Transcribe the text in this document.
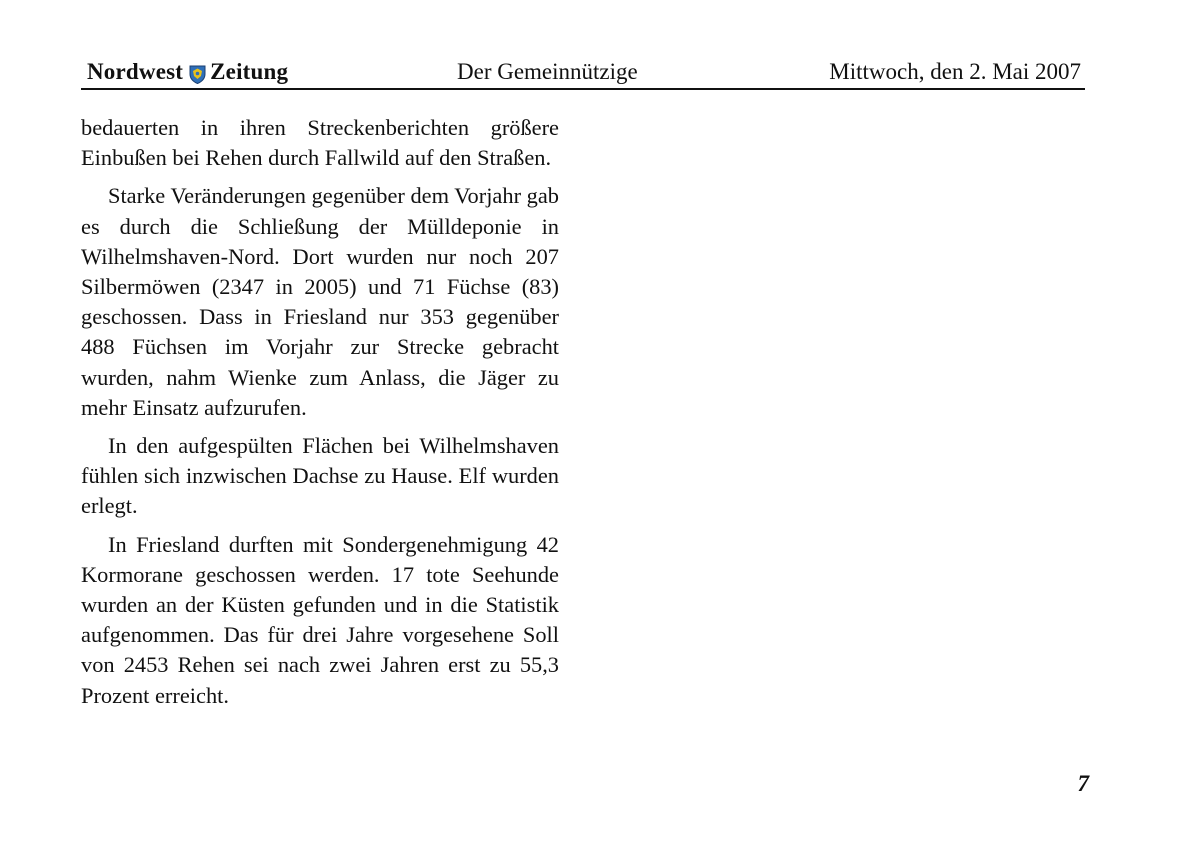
Nordwest Zeitung	Der Gemeinnützige	Mittwoch, den 2. Mai 2007

bedauerten in ihren Streckenberichten größere Einbußen bei Rehen durch Fallwild auf den Straßen.

Starke Veränderungen gegenüber dem Vorjahr gab es durch die Schließung der Mülldeponie in Wilhelmshaven-Nord. Dort wurden nur noch 207 Silbermöwen (2347 in 2005) und 71 Füchse (83) geschossen. Dass in Friesland nur 353 gegenüber 488 Füchsen im Vorjahr zur Strecke gebracht wurden, nahm Wienke zum Anlass, die Jäger zu mehr Einsatz aufzurufen.

In den aufgespülten Flächen bei Wilhelmshaven fühlen sich inzwischen Dachse zu Hause. Elf wurden erlegt.

In Friesland durften mit Sondergenehmigung 42 Kormorane geschossen werden. 17 tote Seehunde wurden an der Küsten gefunden und in die Statistik aufgenommen. Das für drei Jahre vorgesehene Soll von 2453 Rehen sei nach zwei Jahren erst zu 55,3 Prozent erreicht.

7
